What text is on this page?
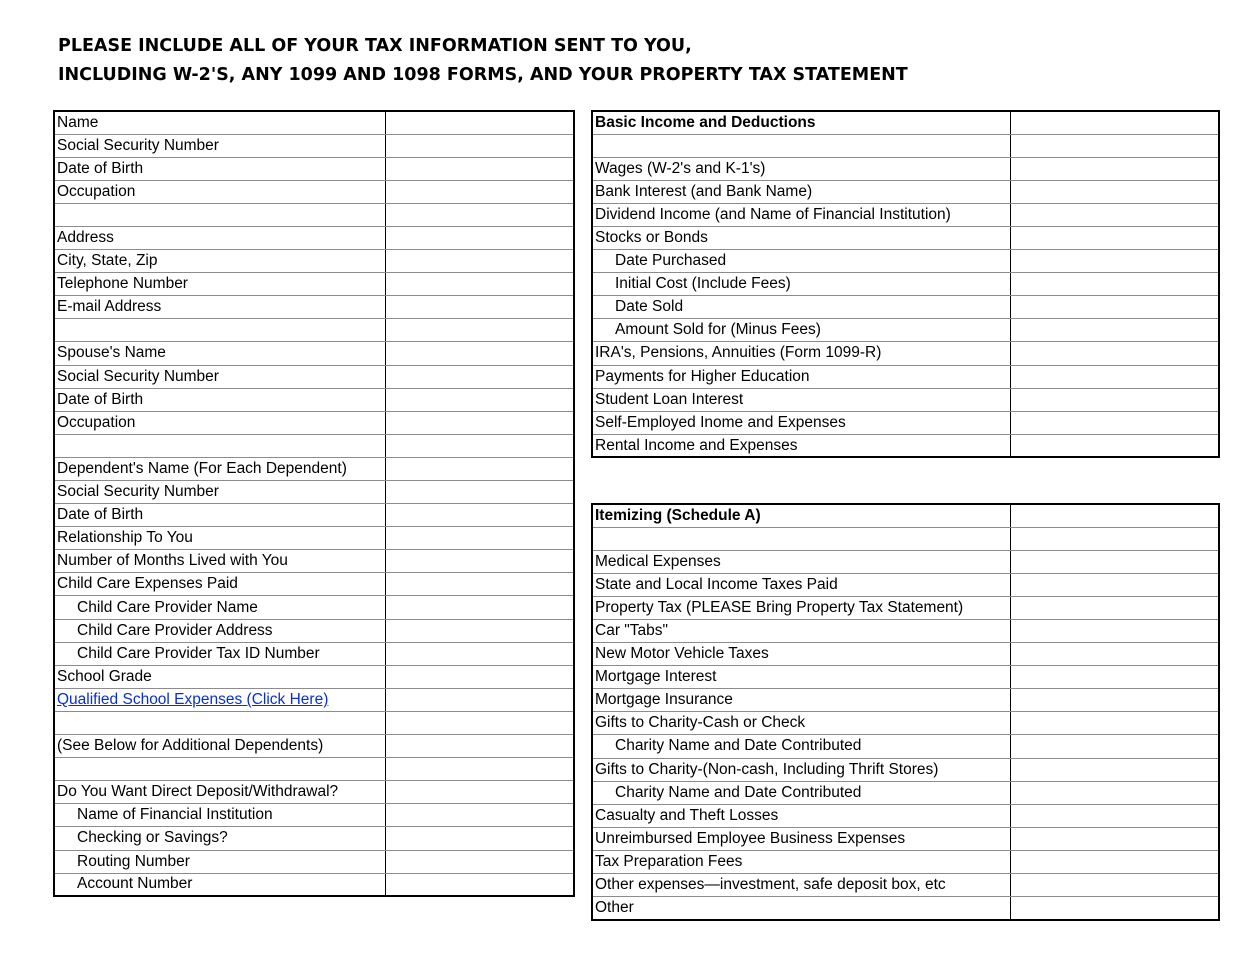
PLEASE INCLUDE ALL OF YOUR TAX INFORMATION SENT TO YOU,
INCLUDING W-2'S, ANY 1099 AND 1098 FORMS, AND YOUR PROPERTY TAX STATEMENT
Name	
Social Security Number	
Date of Birth	
Occupation	

Address	
City, State, Zip	
Telephone Number	
E-mail Address	

Spouse's Name	
Social Security Number	
Date of Birth	
Occupation	

Dependent's Name (For Each Dependent)	
Social Security Number	
Date of Birth	
Relationship To You	
Number of Months Lived with You	
Child Care Expenses Paid	
Child Care Provider Name	
Child Care Provider Address	
Child Care Provider Tax ID Number	
School Grade	
Qualified School Expenses (Click Here)	

(See Below for Additional Dependents)	

Do You Want Direct Deposit/Withdrawal?	
Name of Financial Institution	
Checking or Savings?	
Routing Number	
Account Number	
Basic Income and Deductions	

Wages (W-2's and K-1's)	
Bank Interest (and Bank Name)	
Dividend Income (and Name of Financial Institution)	
Stocks or Bonds	
Date Purchased	
Initial Cost (Include Fees)	
Date Sold	
Amount Sold for (Minus Fees)	
IRA's, Pensions, Annuities (Form 1099-R)	
Payments for Higher Education	
Student Loan Interest	
Self-Employed Inome and Expenses	
Rental Income and Expenses	
Itemizing (Schedule A)	

Medical Expenses	
State and Local Income Taxes Paid	
Property Tax (PLEASE Bring Property Tax Statement)	
Car "Tabs"	
New Motor Vehicle Taxes	
Mortgage Interest	
Mortgage Insurance	
Gifts to Charity-Cash or Check	
Charity Name and Date Contributed	
Gifts to Charity-(Non-cash, Including Thrift Stores)	
Charity Name and Date Contributed	
Casualty and Theft Losses	
Unreimbursed Employee Business Expenses	
Tax Preparation Fees	
Other expenses—investment, safe deposit box, etc	
Other	
